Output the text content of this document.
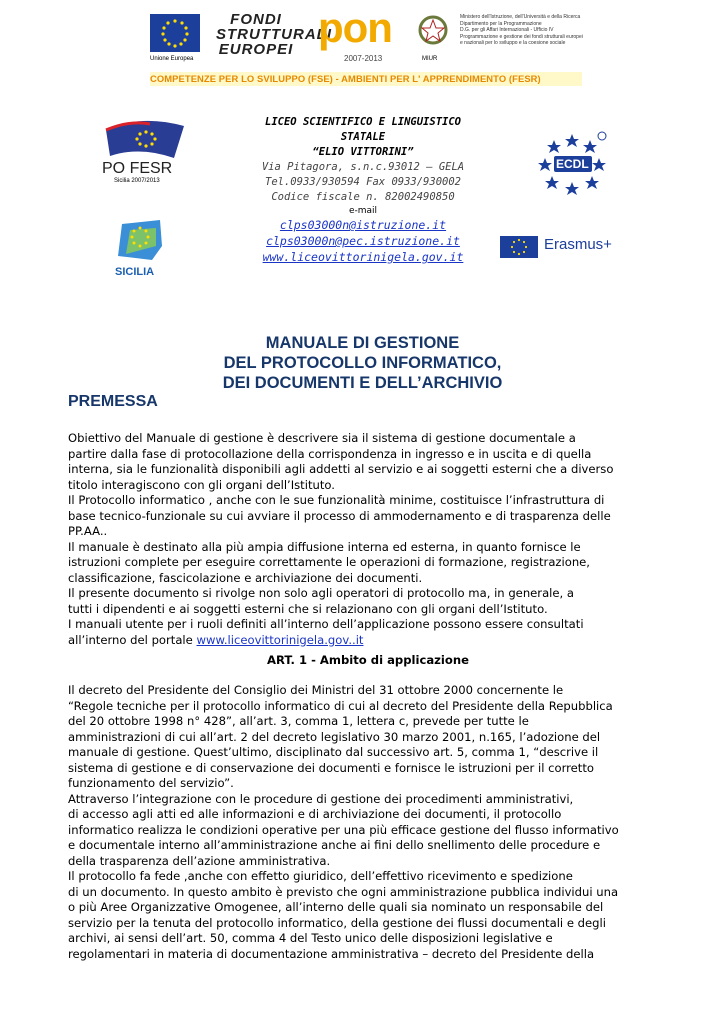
Unione Europea
FONDI
STRUTTURALI
EUROPEI pon
2007-2013	MIUR
Ministero dell'Istruzione, dell'Università e della Ricerca
Dipartimento per la Programmazione
D.G. per gli Affari Internazionali - Ufficio IV
Programmazione e gestione dei fondi strutturali europei
e nazionali per lo sviluppo e la coesione sociale
COMPETENZE PER LO SVILUPPO (FSE) - AMBIENTI PER L' APPRENDIMENTO (FESR)
PO FESR
Sicilia 2007/2013
SICILIA
ECDL
Erasmus+
LICEO SCIENTIFICO E LINGUISTICO
STATALE
“ELIO VITTORINI”
Via Pitagora, s.n.c.93012 – GELA
Tel.0933/930594 Fax 0933/930002
Codice fiscale n. 82002490850
e-mail
clps03000n@istruzione.it
clps03000n@pec.istruzione.it
www.liceovittorinigela.gov.it
MANUALE DI GESTIONE
DEL PROTOCOLLO INFORMATICO,
DEI DOCUMENTI E DELL’ARCHIVIO
PREMESSA

Obiettivo del Manuale di gestione è descrivere sia il sistema di gestione documentale a

partire dalla fase di protocollazione della corrispondenza in ingresso e in uscita e di quella

interna, sia le funzionalità disponibili agli addetti al servizio e ai soggetti esterni che a diverso

titolo interagiscono con gli organi dell’Istituto.

Il Protocollo informatico , anche con le sue funzionalità minime, costituisce l’infrastruttura di

base tecnico-funzionale su cui avviare il processo di ammodernamento e di trasparenza delle

PP.AA..

Il manuale è destinato alla più ampia diffusione interna ed esterna, in quanto fornisce le

istruzioni complete per eseguire correttamente le operazioni di formazione, registrazione,

classificazione, fascicolazione e archiviazione dei documenti.

Il presente documento si rivolge non solo agli operatori di protocollo ma, in generale, a

tutti i dipendenti e ai soggetti esterni che si relazionano con gli organi dell’Istituto.

I manuali utente per i ruoli definiti all’interno dell’applicazione possono essere consultati

all’interno del portale www.liceovittorinigela.gov..it

ART. 1 - Ambito di applicazione

Il decreto del Presidente del Consiglio dei Ministri del 31 ottobre 2000 concernente le

“Regole tecniche per il protocollo informatico di cui al decreto del Presidente della Repubblica

del 20 ottobre 1998 n° 428”, all’art. 3, comma 1, lettera c, prevede per tutte le

amministrazioni di cui all’art. 2 del decreto legislativo 30 marzo 2001, n.165, l’adozione del

manuale di gestione. Quest’ultimo, disciplinato dal successivo art. 5, comma 1, “descrive il

sistema di gestione e di conservazione dei documenti e fornisce le istruzioni per il corretto

funzionamento del servizio”.

Attraverso l’integrazione con le procedure di gestione dei procedimenti amministrativi,

di accesso agli atti ed alle informazioni e di archiviazione dei documenti, il protocollo

informatico realizza le condizioni operative per una più efficace gestione del flusso informativo

e documentale interno all’amministrazione anche ai fini dello snellimento delle procedure e

della trasparenza dell’azione amministrativa.

Il protocollo fa fede ,anche con effetto giuridico, dell’effettivo ricevimento e spedizione

di un documento. In questo ambito è previsto che ogni amministrazione pubblica individui una

o più Aree Organizzative Omogenee, all’interno delle quali sia nominato un responsabile del

servizio per la tenuta del protocollo informatico, della gestione dei flussi documentali e degli

archivi, ai sensi dell’art. 50, comma 4 del Testo unico delle disposizioni legislative e

regolamentari in materia di documentazione amministrativa – decreto del Presidente della
